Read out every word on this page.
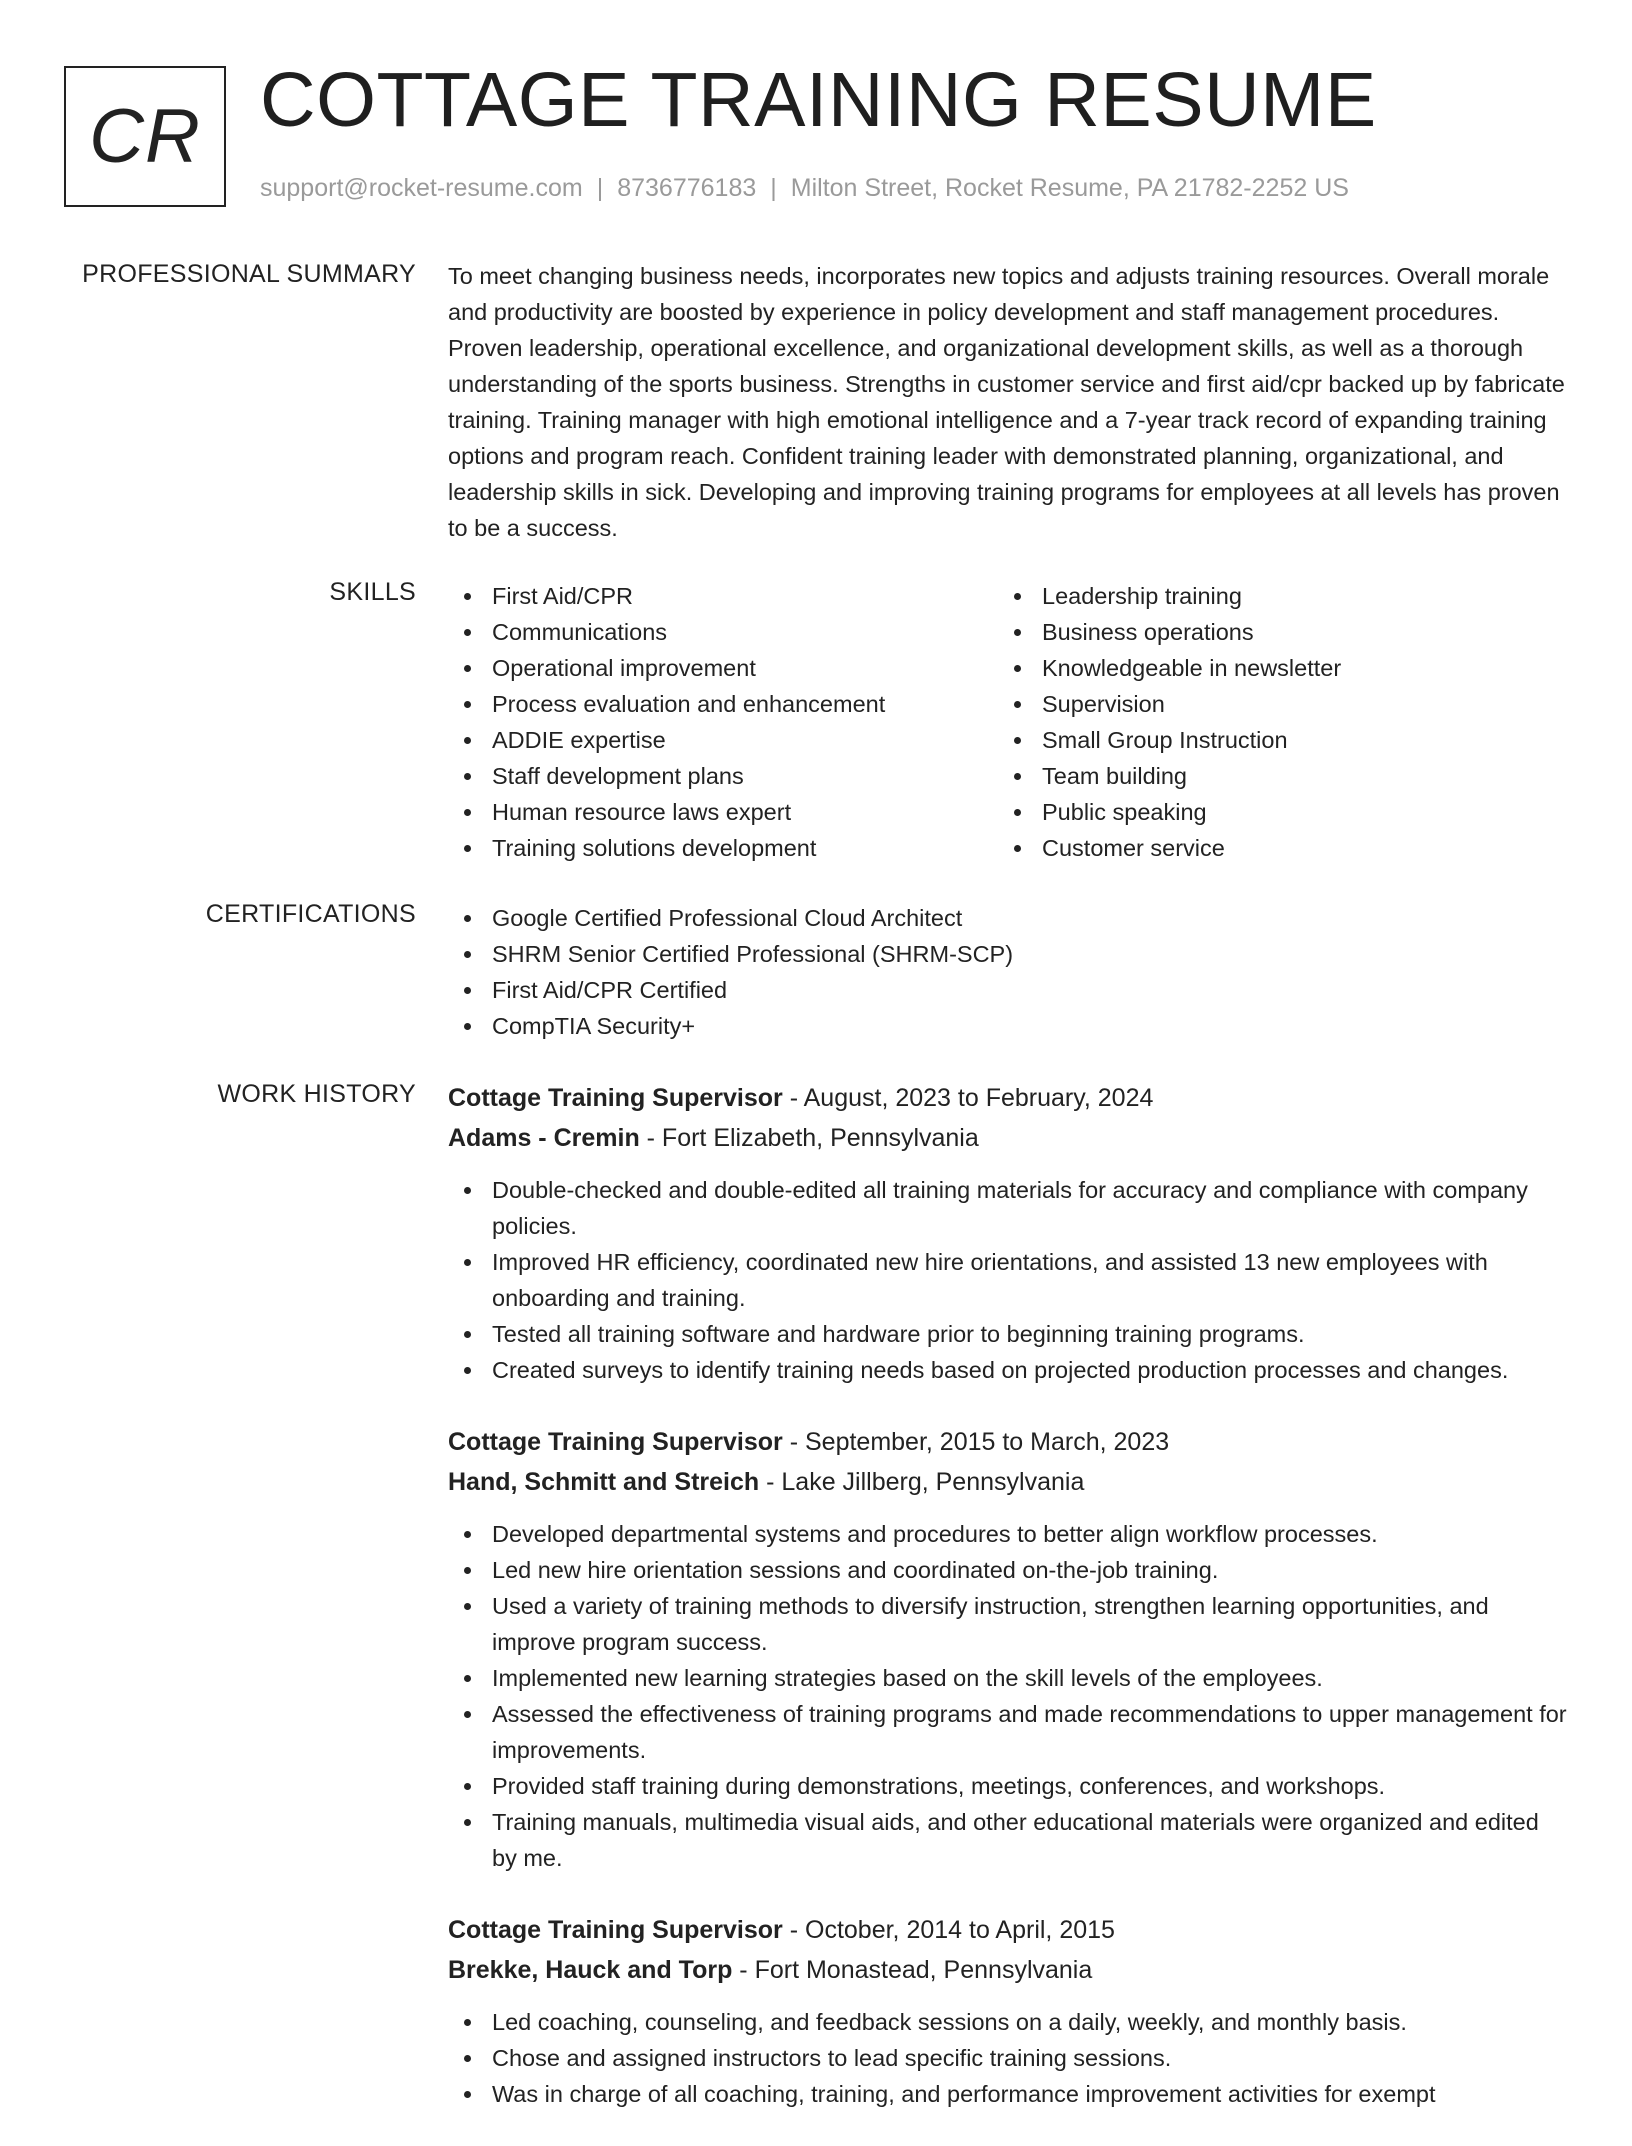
CR COTTAGE TRAINING RESUME
support@rocket-resume.com | 8736776183 | Milton Street, Rocket Resume, PA 21782-2252 US
PROFESSIONAL SUMMARY To meet changing business needs, incorporates new topics and adjusts training resources. Overall morale and productivity are boosted by experience in policy development and staff management procedures. Proven leadership, operational excellence, and organizational development skills, as well as a thorough understanding of the sports business. Strengths in customer service and first aid/cpr backed up by fabricate training. Training manager with high emotional intelligence and a 7-year track record of expanding training options and program reach. Confident training leader with demonstrated planning, organizational, and leadership skills in sick. Developing and improving training programs for employees at all levels has proven to be a success.

SKILLS	First Aid/CPR
Communications
Operational improvement
Process evaluation and enhancement
ADDIE expertise
Staff development plans
Human resource laws expert
Training solutions development
Leadership training
Business operations
Knowledgeable in newsletter
Supervision
Small Group Instruction
Team building
Public speaking
Customer service
CERTIFICATIONS	Google Certified Professional Cloud Architect
SHRM Senior Certified Professional (SHRM-SCP)
First Aid/CPR Certified
CompTIA Security+
WORK HISTORY Cottage Training Supervisor - August, 2023 to February, 2024
Adams - Cremin - Fort Elizabeth, Pennsylvania
Double-checked and double-edited all training materials for accuracy and compliance with company policies.
Improved HR efficiency, coordinated new hire orientations, and assisted 13 new employees with onboarding and training.
Tested all training software and hardware prior to beginning training programs.
Created surveys to identify training needs based on projected production processes and changes.
Cottage Training Supervisor - September, 2015 to March, 2023
Hand, Schmitt and Streich - Lake Jillberg, Pennsylvania
Developed departmental systems and procedures to better align workflow processes.
Led new hire orientation sessions and coordinated on-the-job training.
Used a variety of training methods to diversify instruction, strengthen learning opportunities, and improve program success.
Implemented new learning strategies based on the skill levels of the employees.
Assessed the effectiveness of training programs and made recommendations to upper management for improvements.
Provided staff training during demonstrations, meetings, conferences, and workshops.
Training manuals, multimedia visual aids, and other educational materials were organized and edited by me.
Cottage Training Supervisor - October, 2014 to April, 2015
Brekke, Hauck and Torp - Fort Monastead, Pennsylvania
Led coaching, counseling, and feedback sessions on a daily, weekly, and monthly basis.
Chose and assigned instructors to lead specific training sessions.
Was in charge of all coaching, training, and performance improvement activities for exempt
